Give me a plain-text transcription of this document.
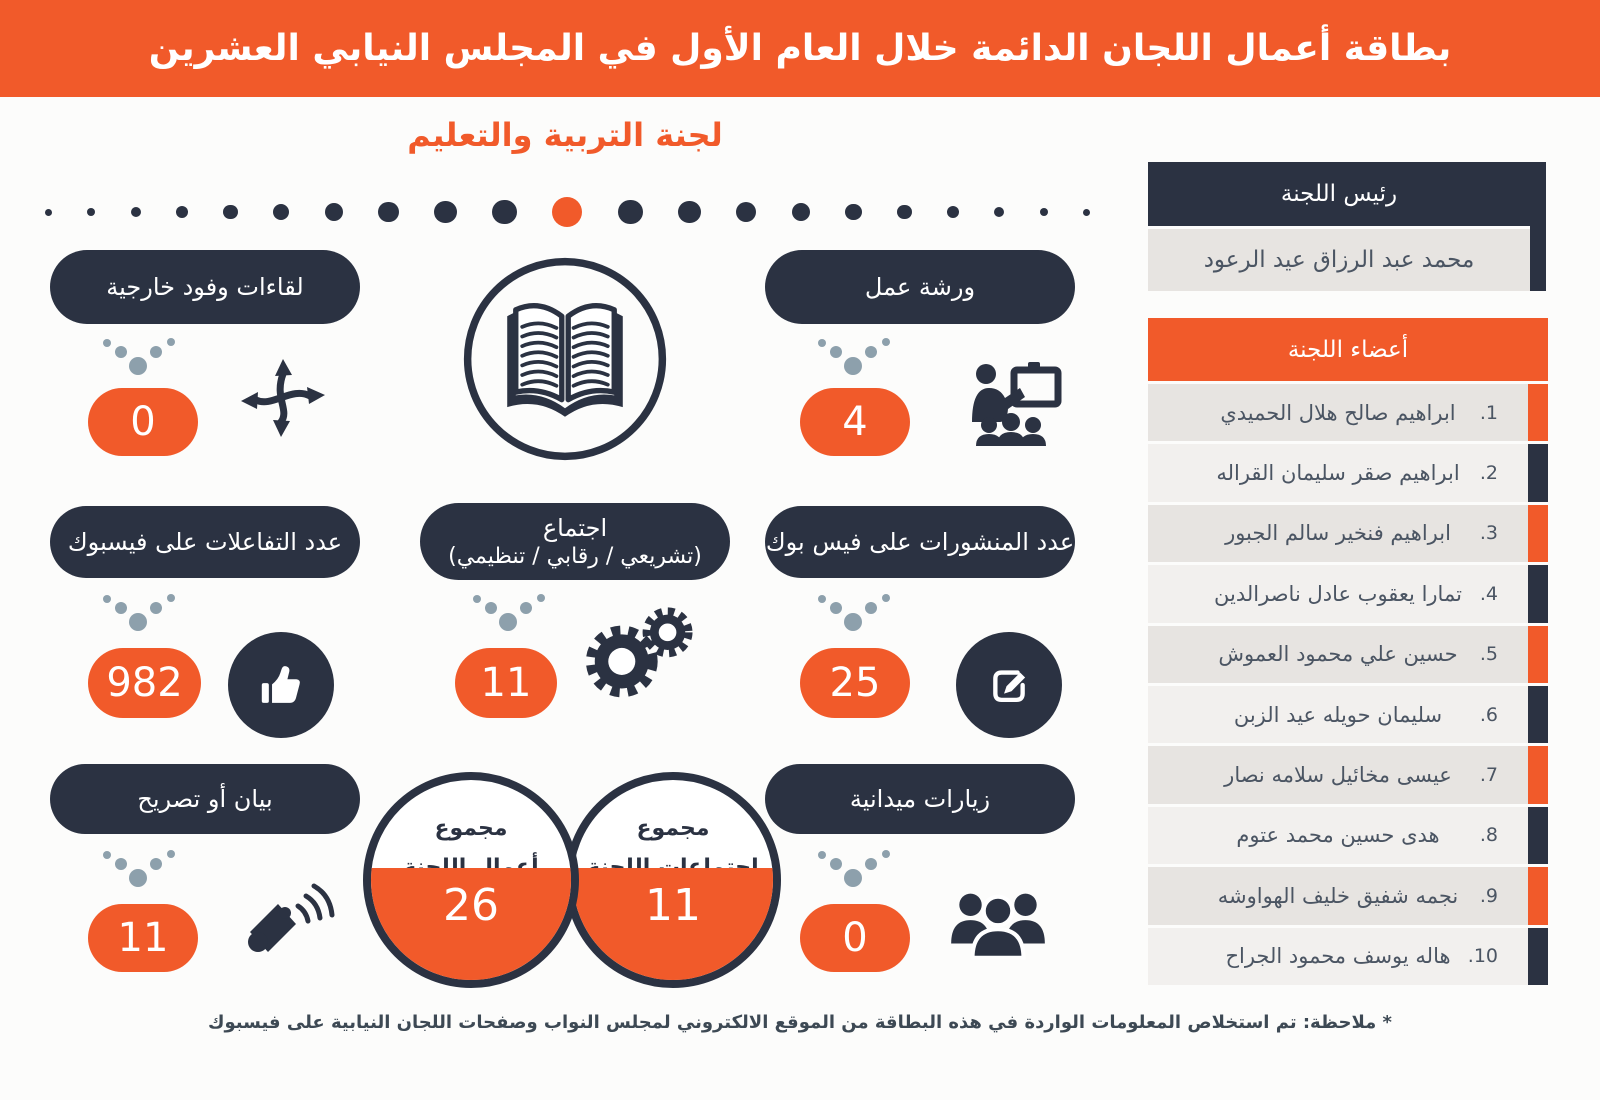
بطاقة أعمال اللجان الدائمة خلال العام الأول في المجلس النيابي العشرين
لجنة التربية والتعليم
لقاءات وفود خارجية
0
ورشة عمل
4
عدد التفاعلات على فيسبوك
982
اجتماع
(تشريعي / رقابي / تنظيمي)
11
عدد المنشورات على فيس بوك
25
بيان أو تصريح
11
مجموع
26
مجموع
11
زيارات ميدانية
0
رئيس اللجنة
محمد عبد الرزاق عيد الرعود
أعضاء اللجنة
ابراهيم صالح هلال الحميدي	.1
ابراهيم صقر سليمان القراله	.2
ابراهيم فنخير سالم الجبور	.3
تمارا يعقوب عادل ناصرالدين .4
حسين علي محمود العموش	.5
سليمان حويله عيد الزبن	.6
عيسى مخائيل سلامه نصار	.7
هدى حسين محمد عتوم	.8
نجمه شفيق خليف الهواوشه	.9
هاله يوسف محمود الجراح .10
* ملاحظة: تم استخلاص المعلومات الواردة في هذه البطاقة من الموقع الالكتروني لمجلس النواب وصفحات اللجان النيابية على فيسبوك
